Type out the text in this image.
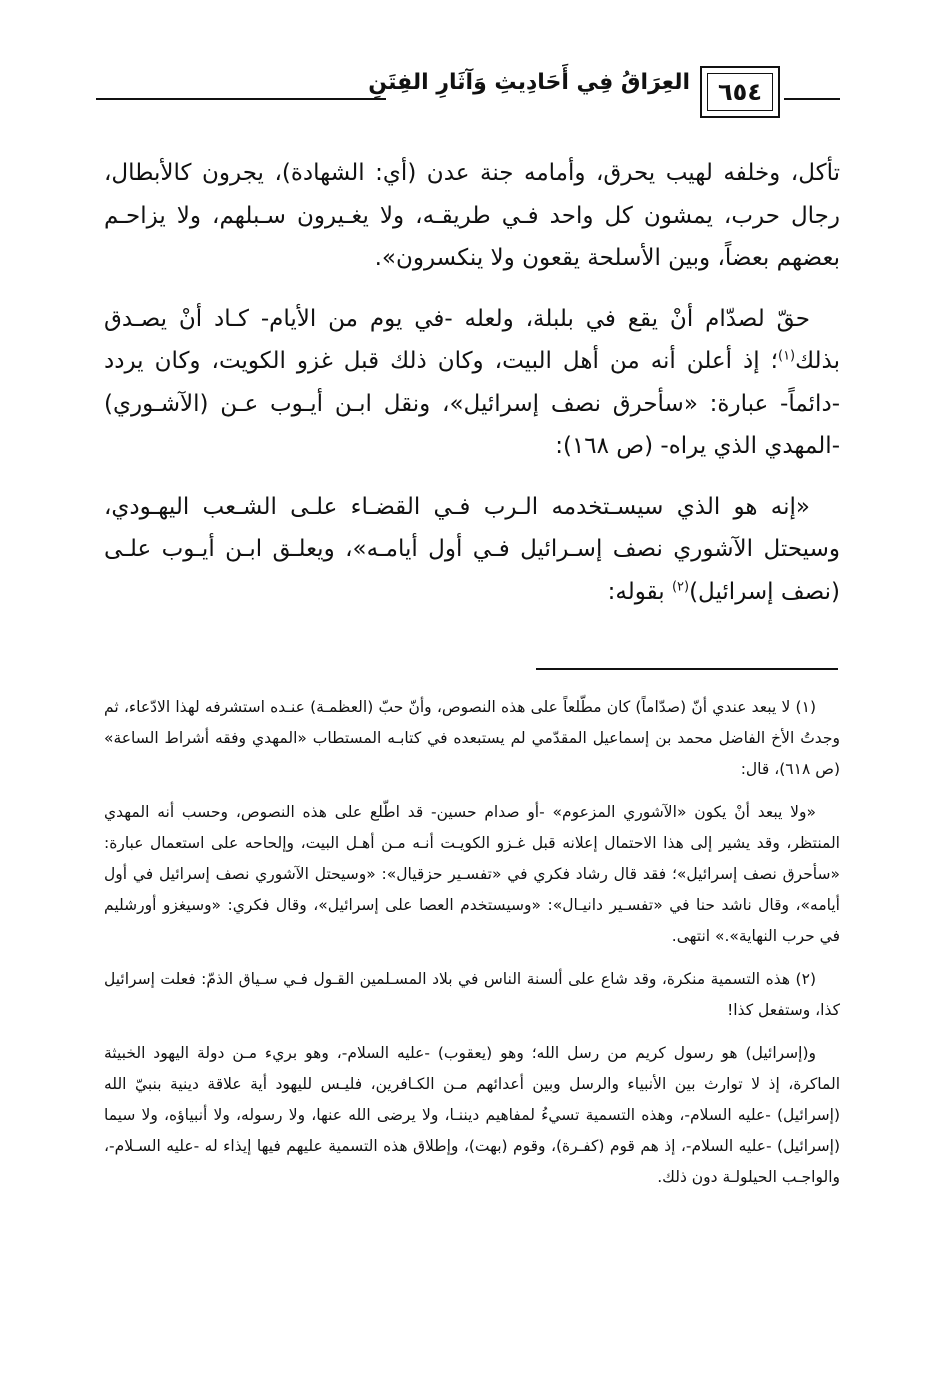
٦٥٤
العِرَاقُ فِي أَحَادِيثِ وَآثَارِ الفِتَنِ

تأكل، وخلفه لهيب يحرق، وأمامه جنة عدن (أي: الشهادة)، يجرون كالأبطال، رجال حرب، يمشون كل واحد فـي طريقـه، ولا يغـيرون سـبلهم، ولا يزاحـم بعضهم بعضاً، وبين الأسلحة يقعون ولا ينكسرون».

حقّ لصدّام أنْ يقع في بلبلة، ولعله -في يوم من الأيام- كـاد أنْ يصـدق بذلك$^{(١)}$؛ إذ أعلن أنه من أهل البيت، وكان ذلك قبل غزو الكويت، وكان يردد -دائماً- عبارة: «سأحرق نصف إسرائيل»، ونقل ابـن أيـوب عـن (الآشـوري) -المهدي الذي يراه- (ص ١٦٨):

«إنه هو الذي سيسـتخدمه الـرب فـي القضـاء علـى الشـعب اليهـودي، وسيحتل الآشوري نصف إسـرائيل فـي أول أيامـه»، ويعلـق ابـن أيـوب علـى (نصف إسرائيل)$^{(٢)}$ بقوله:

(١) لا يبعد عندي أنّ (صدّاماً) كان مطّلعاً على هذه النصوص، وأنّ حبّ (العظمـة) عنـده استشرفه لهذا الادّعاء، ثم وجدتُ الأخ الفاضل محمد بن إسماعيل المقدّمي لم يستبعده في كتابـه المستطاب «المهدي وفقه أشراط الساعة» (ص ٦١٨)، قال:

«ولا يبعد أنْ يكون «الآشوري المزعوم» -أو صدام حسين- قد اطّلع على هذه النصوص، وحسب أنه المهدي المنتظر، وقد يشير إلى هذا الاحتمال إعلانه قبل غـزو الكويـت أنـه مـن أهـل البيت، وإلحاحه على استعمال عبارة: «سأحرق نصف إسرائيل»؛ فقد قال رشاد فكري في «تفسـير حزقيال»: «وسيحتل الآشوري نصف إسرائيل في أول أيامه»، وقال ناشد حنا في «تفسـير دانيـال»: «وسيستخدم العصا على إسرائيل»، وقال فكري: «وسيغزو أورشليم في حرب النهاية».» انتهى.

(٢) هذه التسمية منكرة، وقد شاع على ألسنة الناس في بلاد المسـلمين القـول فـي سـياق الذمّ: فعلت إسرائيل كذا، وستفعل كذا!

و(إسرائيل) هو رسول كريم من رسل الله؛ وهو (يعقوب) -عليه السلام-، وهو بريء مـن دولة اليهود الخبيثة الماكرة، إذ لا توارث بين الأنبياء والرسل وبين أعدائهم مـن الكـافرين، فليـس لليهود أية علاقة دينية بنبيّ الله (إسرائيل) -عليه السلام-، وهذه التسمية تسيءُ لمفاهيم ديننـا، ولا يرضى الله عنها، ولا رسوله، ولا أنبياؤه، ولا سيما (إسرائيل) -عليه السلام-، إذ هم قوم (كفـرة)، وقوم (بهت)، وإطلاق هذه التسمية عليهم فيها إيذاء له -عليه السـلام-، والواجـب الحيلولـة دون ذلك.
